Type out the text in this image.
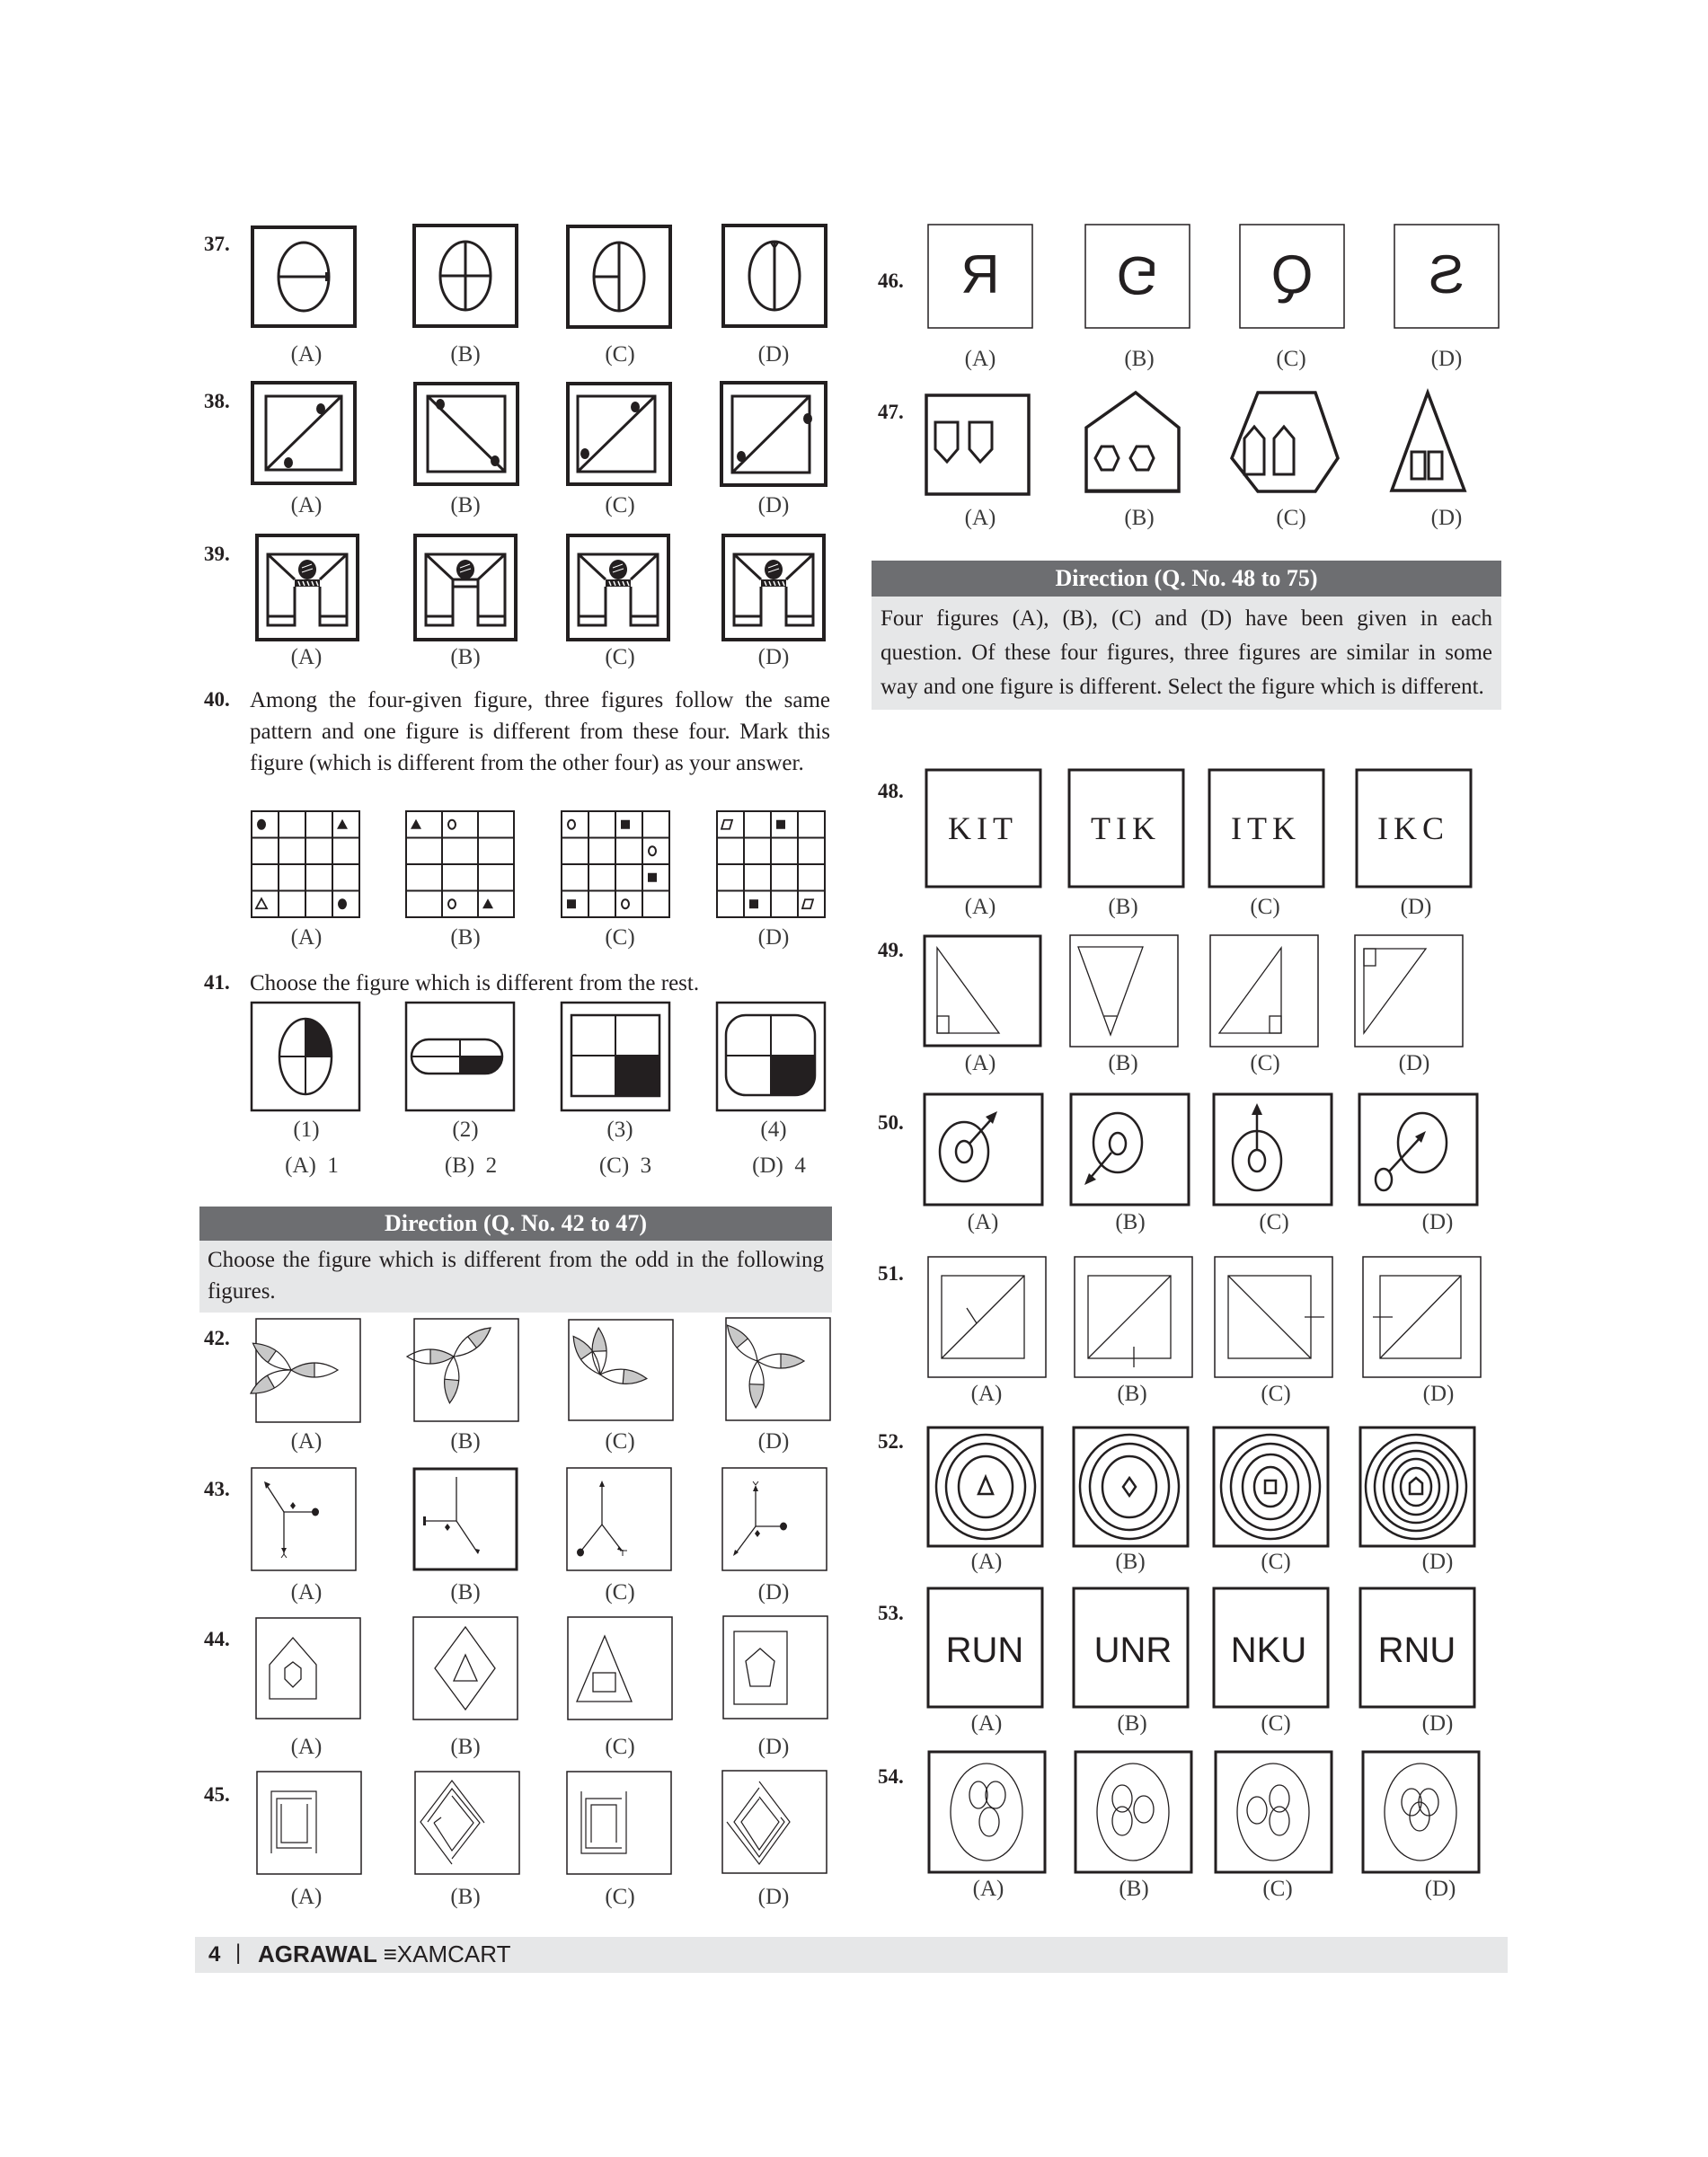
37.
(A)	(B)	(C)	(D)
38.
(A)	(B)	(C)	(D)
39.
(A)	(B)	(C)	(D)
40. Among the four-given figure, three figures follow the same pattern and one figure is different from these four. Mark this figure (which is different from the other four) as your answer.
(A)	(B)	(C)	(D)
41. Choose the figure which is different from the rest.
(1)	(2)	(3)	(4)
(A)  1	(B)  2	(C)  3	(D)  4
Direction (Q. No. 42 to 47)
Choose the figure which is different from the odd in the following figures.
42.
(A)	(B)	(C)	(D)
43.
(A)	(B)	(C)	(D)
44.
(A)	(B)	(C)	(D)
45.
(A)	(B)	(C)	(D)
46. R G Q S
(A)	(B)	(C)	(D)
47.
(A)	(B)	(C)	(D)
Direction (Q. No. 48 to 75)
Four figures (A), (B), (C) and (D) have been given in each question. Of these four figures, three figures are similar in some way and one figure is different. Select the figure which is different.
48.
KIT TIK ITK IKC
(A)	(B)	(C)	(D)
49.
(A)	(B)	(C)	(D)
50.
(A)	(B)	(C)	(D)
51.
(A)	(B)	(C)	(D)
52.
(A)	(B)	(C)	(D)
53.
RUN UNR NKU RNU
(A)	(B)	(C)	(D)
54.
(A)	(B)	(C)	(D)
4 | AGRAWAL ≡XAMCART
